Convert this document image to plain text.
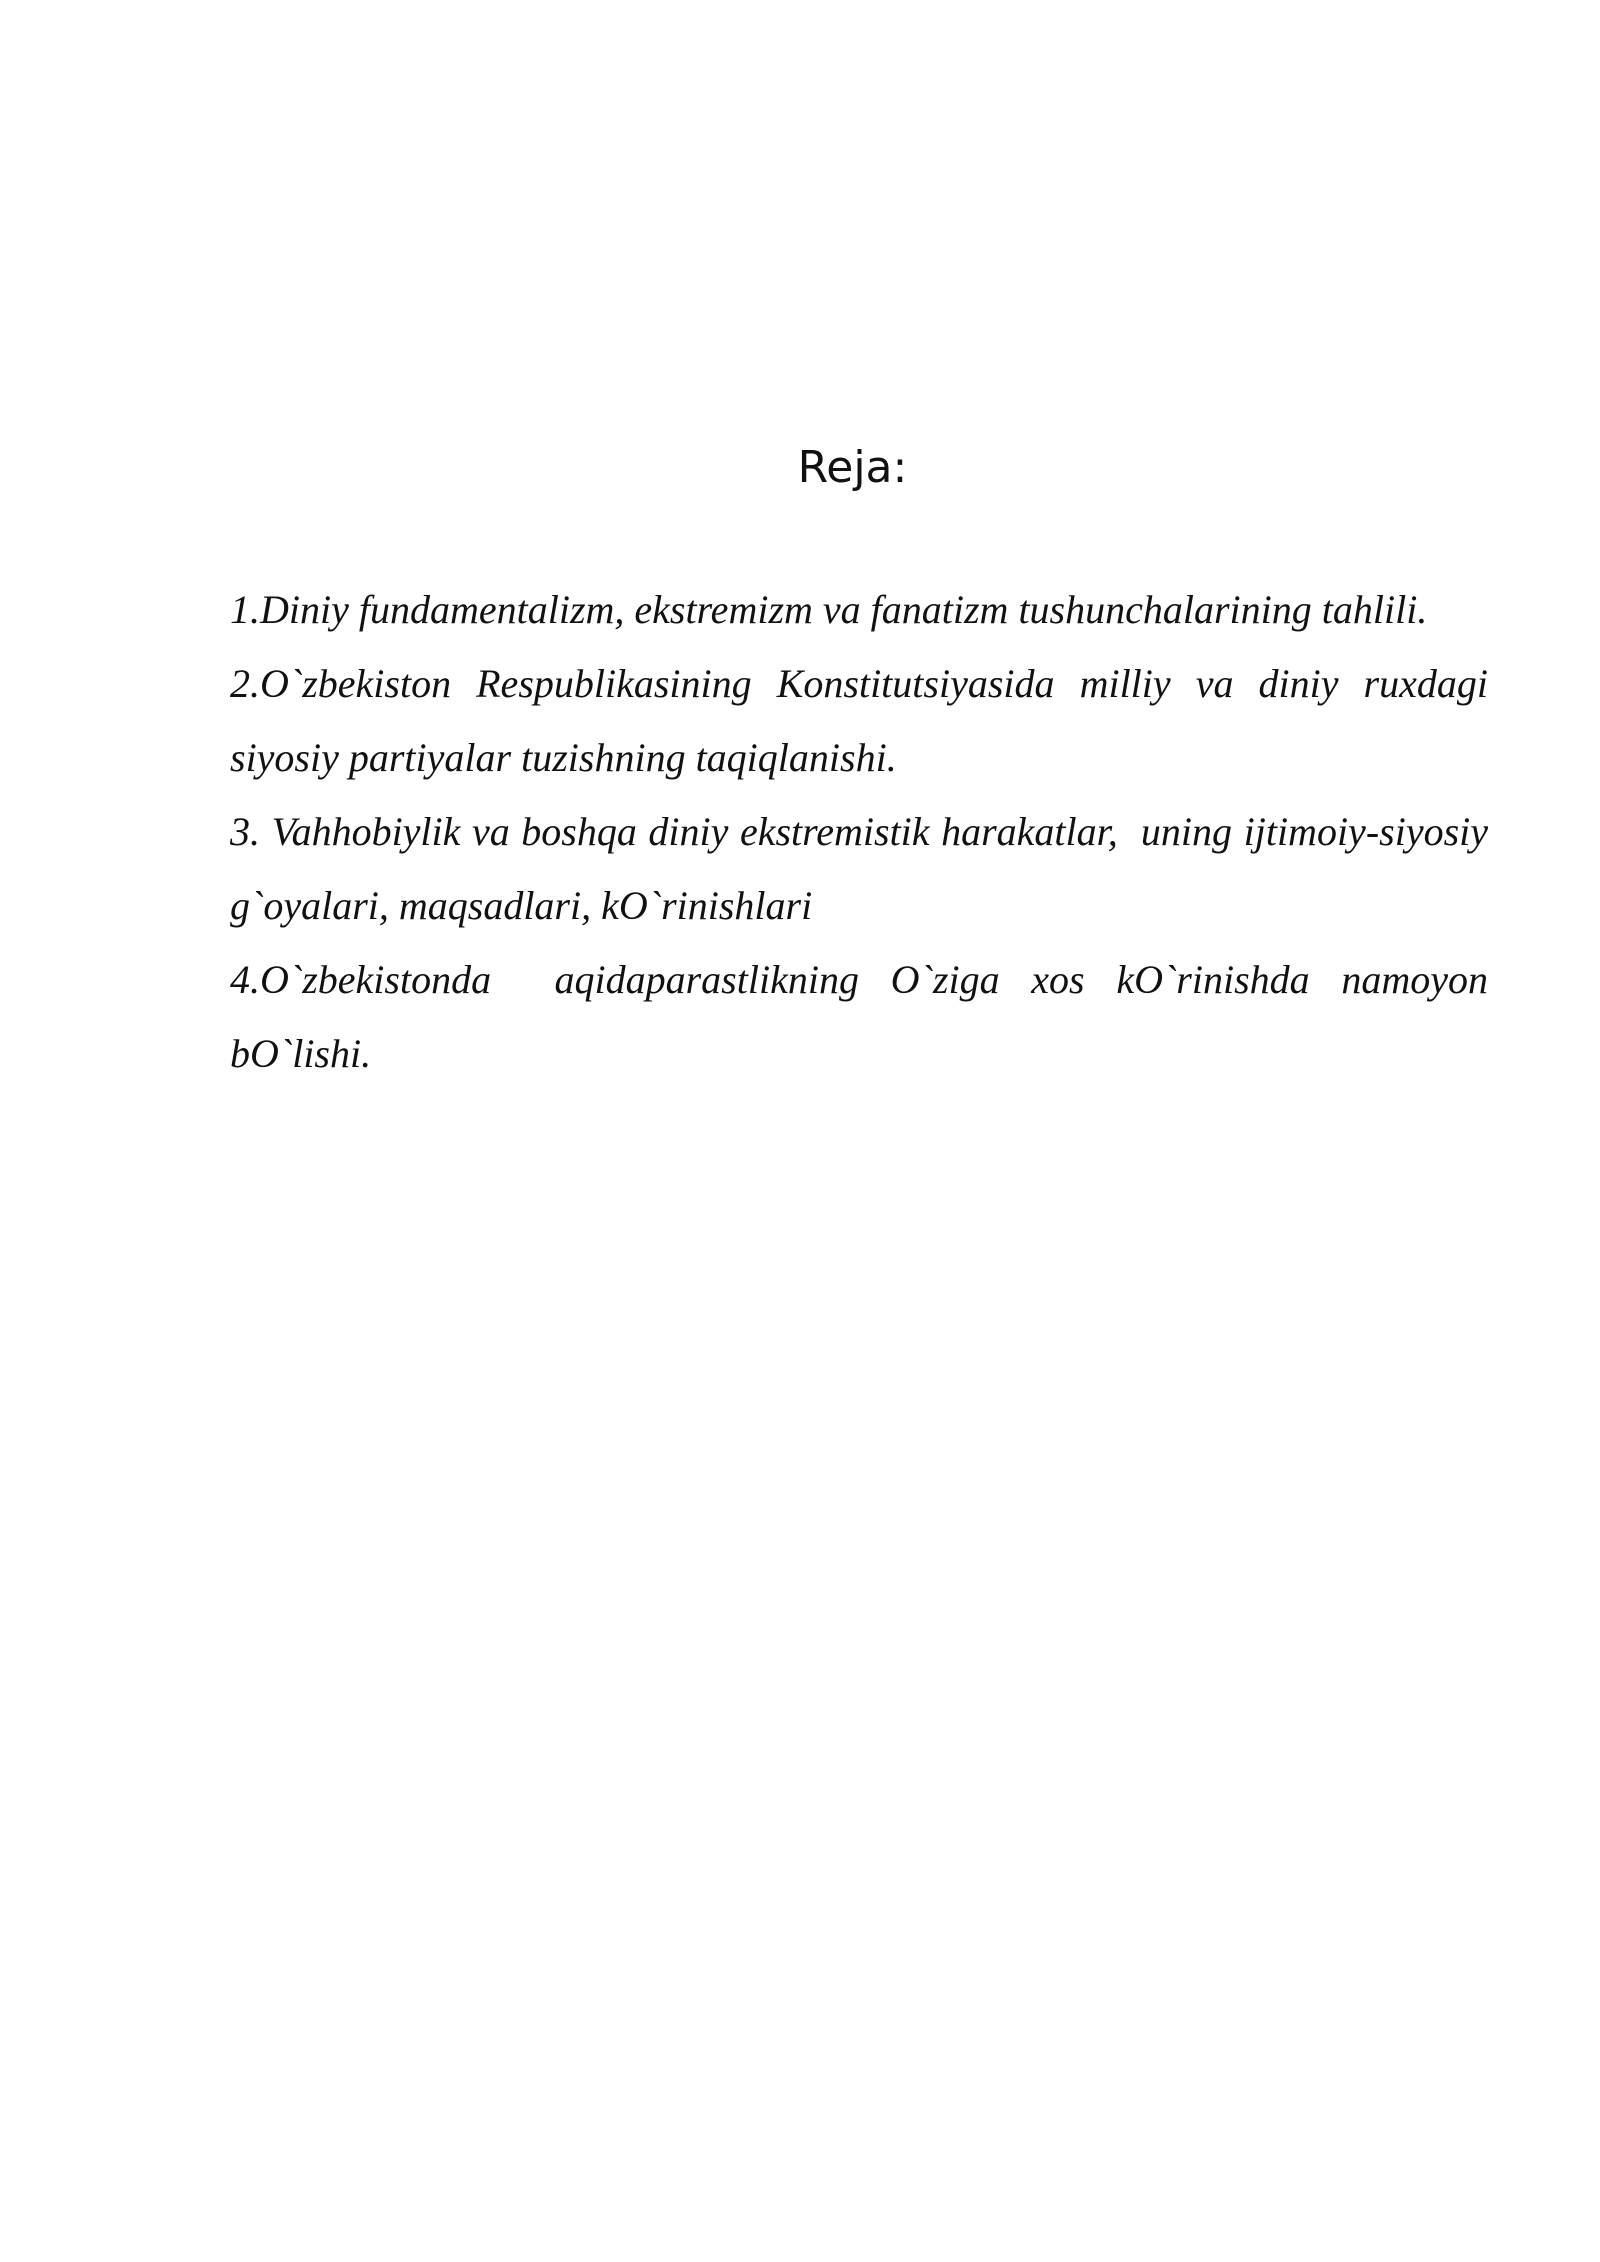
Reja:
1.Diniy fundamentalizm, ekstremizm va fanatizm tushunchalarining tahlili.
2.O`zbekiston Respublikasining Konstitutsiyasida milliy va diniy ruxdagi siyosiy partiyalar tuzishning taqiqlanishi.
3. Vahhobiylik va boshqa diniy ekstremistik harakatlar,  uning ijtimoiy-siyosiy g`oyalari, maqsadlari, kO`rinishlari
4.O`zbekistonda  aqidaparastlikning O`ziga xos kO`rinishda namoyon bO`lishi.
